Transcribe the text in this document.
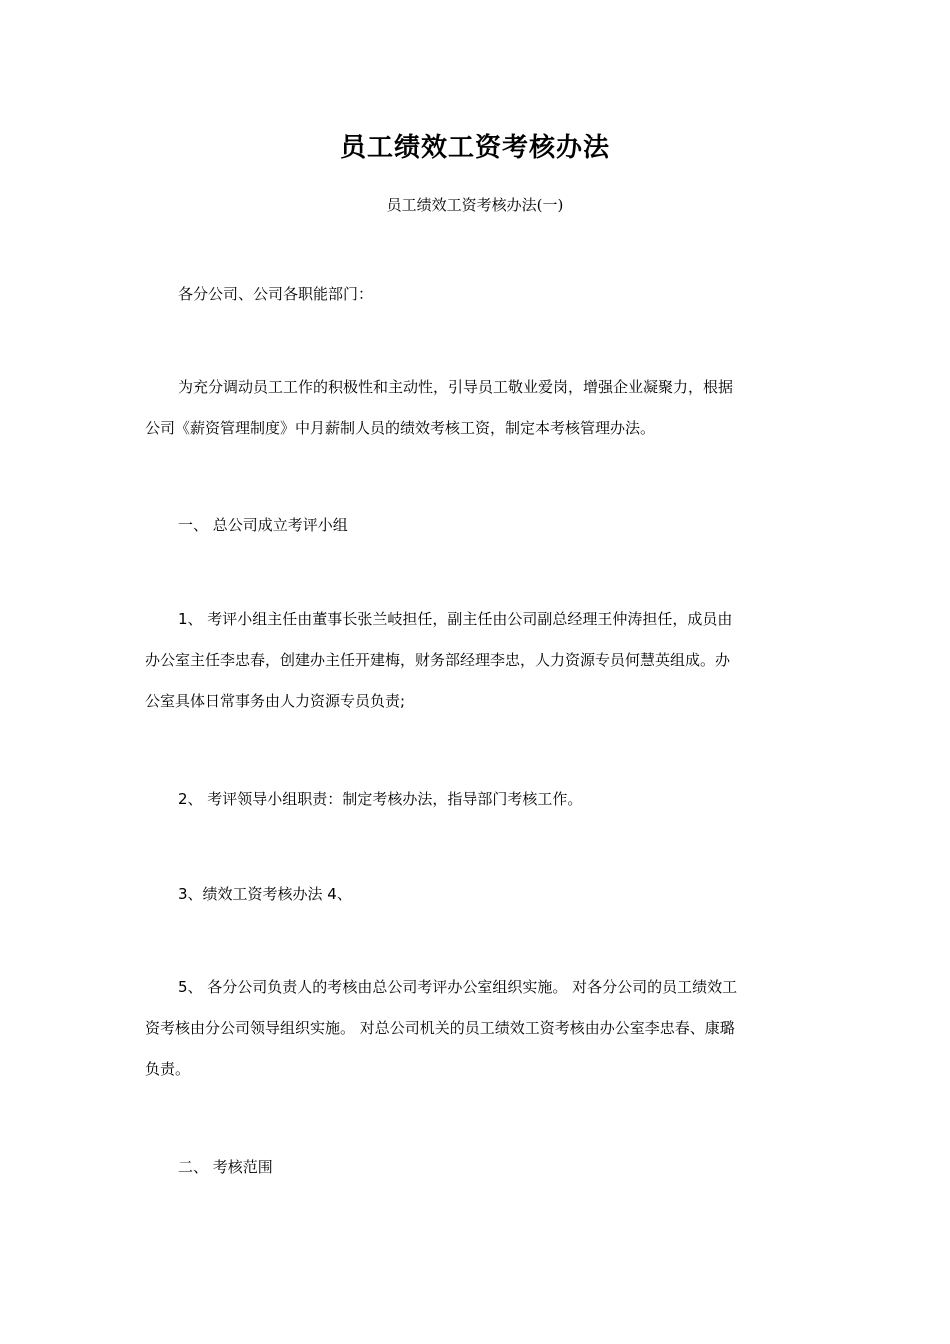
员工绩效工资考核办法
员工绩效工资考核办法(一)
各分公司、公司各职能部门：
为充分调动员工工作的积极性和主动性，引导员工敬业爱岗，增强企业凝聚力，根据
公司《薪资管理制度》中月薪制人员的绩效考核工资，制定本考核管理办法。
一、 总公司成立考评小组
1、 考评小组主任由董事长张兰岐担任，副主任由公司副总经理王仲涛担任，成员由
办公室主任李忠春，创建办主任开建梅，财务部经理李忠，人力资源专员何慧英组成。办
公室具体日常事务由人力资源专员负责;
2、 考评领导小组职责：制定考核办法，指导部门考核工作。
3、绩效工资考核办法 4、
5、 各分公司负责人的考核由总公司考评办公室组织实施。 对各分公司的员工绩效工
资考核由分公司领导组织实施。 对总公司机关的员工绩效工资考核由办公室李忠春、康璐
负责。
二、 考核范围
